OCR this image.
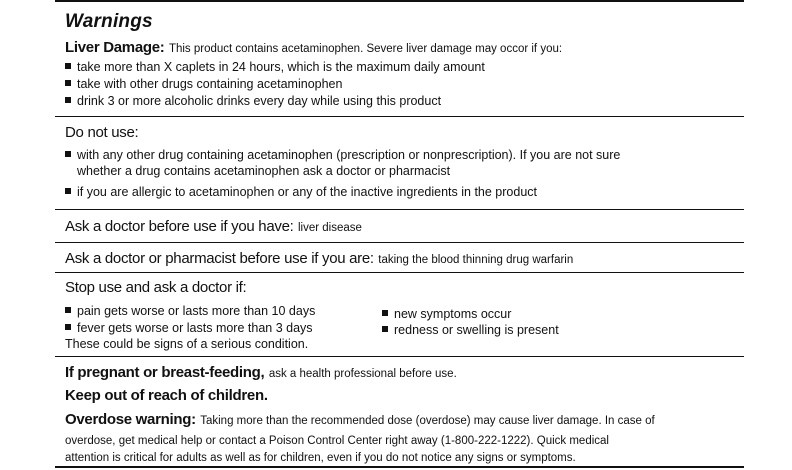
Warnings
Liver Damage: This product contains acetaminophen. Severe liver damage may occor if you:
take more than X caplets in 24 hours, which is the maximum daily amount
take with other drugs containing acetaminophen
drink 3 or more alcoholic drinks every day while using this product
Do not use:
with any other drug containing acetaminophen (prescription or nonprescription). If you are not sure
whether a drug contains acetaminophen ask a doctor or pharmacist
if you are allergic to acetaminophen or any of the inactive ingredients in the product
Ask a doctor before use if you have: liver disease
Ask a doctor or pharmacist before use if you are: taking the blood thinning drug warfarin
Stop use and ask a doctor if:
pain gets worse or lasts more than 10 days
fever gets worse or lasts more than 3 days
These could be signs of a serious condition.
new symptoms occur
redness or swelling is present
If pregnant or breast-feeding, ask a health professional before use.
Keep out of reach of children.
Overdose warning: Taking more than the recommended dose (overdose) may cause liver damage. In case of
overdose, get medical help or contact a Poison Control Center right away (1-800-222-1222). Quick medical
attention is critical for adults as well as for children, even if you do not notice any signs or symptoms.
